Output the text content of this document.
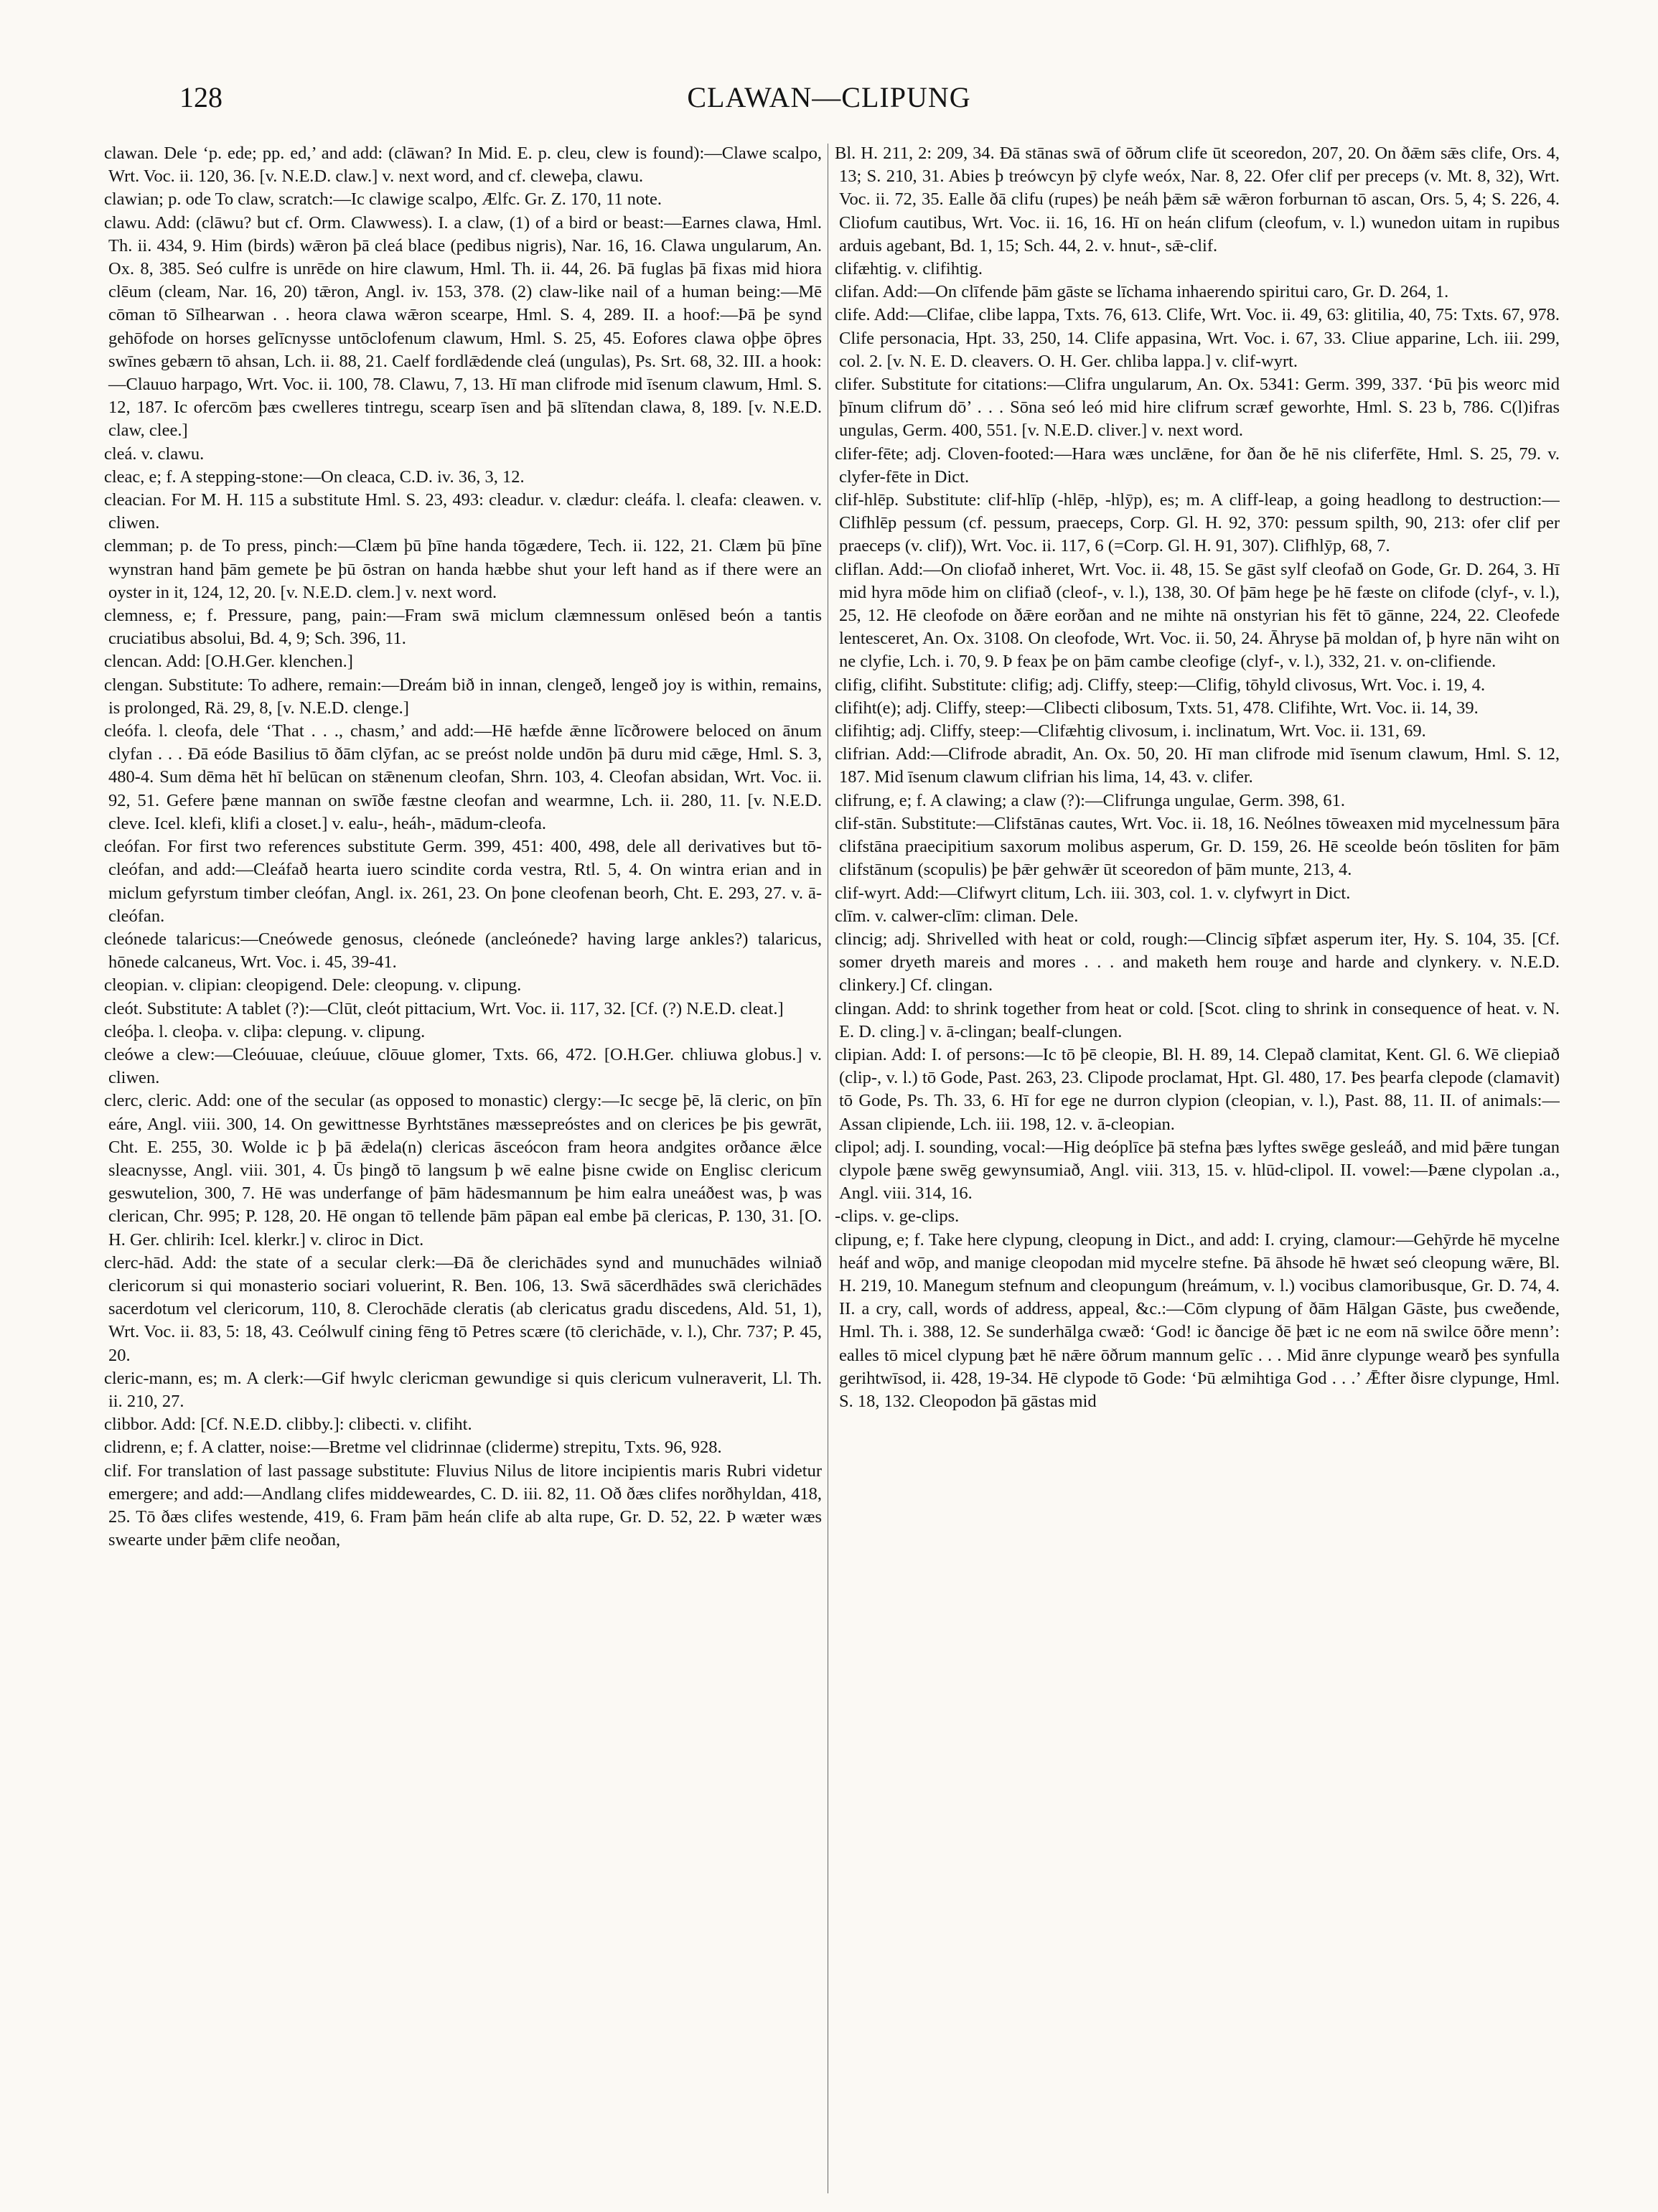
128	CLAWAN—CLIPUNG

clawan. Dele ‘p. ede; pp. ed,’ and add: (clāwan? In Mid. E. p. cleu, clew is found):—Clawe scalpo, Wrt. Voc. ii. 120, 36. [v. N.E.D. claw.] v. next word, and cf. cleweþa, clawu.

clawian; p. ode To claw, scratch:—Ic clawige scalpo, Ælfc. Gr. Z. 170, 11 note.

clawu. Add: (clāwu? but cf. Orm. Clawwess). I. a claw, (1) of a bird or beast:—Earnes clawa, Hml. Th. ii. 434, 9. Him (birds) wǣron þā cleá blace (pedibus nigris), Nar. 16, 16. Clawa ungularum, An. Ox. 8, 385. Seó culfre is unrēde on hire clawum, Hml. Th. ii. 44, 26. Þā fuglas þā fixas mid hiora clēum (cleam, Nar. 16, 20) tǣron, Angl. iv. 153, 378. (2) claw-like nail of a human being:—Mē cōman tō Sīlhearwan . . heora clawa wǣron scearpe, Hml. S. 4, 289. II. a hoof:—Þā þe synd gehōfode on horses gelīcnysse untōclofenum clawum, Hml. S. 25, 45. Eofores clawa oþþe ōþres swīnes gebærn tō ahsan, Lch. ii. 88, 21. Caelf fordlǣdende cleá (ungulas), Ps. Srt. 68, 32. III. a hook:—Clauuo harpago, Wrt. Voc. ii. 100, 78. Clawu, 7, 13. Hī man clifrode mid īsenum clawum, Hml. S. 12, 187. Ic ofercōm þæs cwelleres tintregu, scearp īsen and þā slītendan clawa, 8, 189. [v. N.E.D. claw, clee.]

cleá. v. clawu.

cleac, e; f. A stepping-stone:—On cleaca, C.D. iv. 36, 3, 12.

cleacian. For M. H. 115 a substitute Hml. S. 23, 493: cleadur. v. clædur: cleáfa. l. cleafa: cleawen. v. cliwen.

clemman; p. de To press, pinch:—Clæm þū þīne handa tōgædere, Tech. ii. 122, 21. Clæm þū þīne wynstran hand þām gemete þe þū ōstran on handa hæbbe shut your left hand as if there were an oyster in it, 124, 12, 20. [v. N.E.D. clem.] v. next word.

clemness, e; f. Pressure, pang, pain:—Fram swā miclum clæmnessum onlēsed beón a tantis cruciatibus absolui, Bd. 4, 9; Sch. 396, 11.

clencan. Add: [O.H.Ger. klenchen.]

clengan. Substitute: To adhere, remain:—Dreám bið in innan, clengeð, lengeð joy is within, remains, is prolonged, Rä. 29, 8, [v. N.E.D. clenge.]

cleófa. l. cleofa, dele ‘That . . ., chasm,’ and add:—Hē hæfde ǣnne līcðrowere beloced on ānum clyfan . . . Ðā eóde Basilius tō ðām clȳfan, ac se preóst nolde undōn þā duru mid cǣge, Hml. S. 3, 480-4. Sum dēma hēt hī belūcan on stǣnenum cleofan, Shrn. 103, 4. Cleofan absidan, Wrt. Voc. ii. 92, 51. Gefere þæne mannan on swīðe fæstne cleofan and wearmne, Lch. ii. 280, 11. [v. N.E.D. cleve. Icel. klefi, klifi a closet.] v. ealu-, heáh-, mādum-cleofa.

cleófan. For first two references substitute Germ. 399, 451: 400, 498, dele all derivatives but tō-cleófan, and add:—Cleáfað hearta iuero scindite corda vestra, Rtl. 5, 4. On wintra erian and in miclum gefyrstum timber cleófan, Angl. ix. 261, 23. On þone cleofenan beorh, Cht. E. 293, 27. v. ā-cleófan.

cleónede talaricus:—Cneówede genosus, cleónede (ancleónede? having large ankles?) talaricus, hōnede calcaneus, Wrt. Voc. i. 45, 39-41.

cleopian. v. clipian: cleopigend. Dele: cleopung. v. clipung.

cleót. Substitute: A tablet (?):—Clūt, cleót pittacium, Wrt. Voc. ii. 117, 32. [Cf. (?) N.E.D. cleat.]

cleóþa. l. cleoþa. v. cliþa: clepung. v. clipung.

cleówe a clew:—Cleóuuae, cleúuue, clōuue glomer, Txts. 66, 472. [O.H.Ger. chliuwa globus.] v. cliwen.

clerc, cleric. Add: one of the secular (as opposed to monastic) clergy:—Ic secge þē, lā cleric, on þīn eáre, Angl. viii. 300, 14. On gewittnesse Byrhtstānes mæssepreóstes and on clerices þe þis gewrāt, Cht. E. 255, 30. Wolde ic þ þā ǣdela(n) clericas āsceócon fram heora andgites orðance ǣlce sleacnysse, Angl. viii. 301, 4. Ūs þingð tō langsum þ wē ealne þisne cwide on Englisc clericum geswutelion, 300, 7. Hē was underfange of þām hādesmannum þe him ealra uneáðest was, þ was clerican, Chr. 995; P. 128, 20. Hē ongan tō tellende þām pāpan eal embe þā clericas, P. 130, 31. [O. H. Ger. chlirih: Icel. klerkr.] v. cliroc in Dict.

clerc-hād. Add: the state of a secular clerk:—Ðā ðe clerichādes synd and munuchādes wilniað clericorum si qui monasterio sociari voluerint, R. Ben. 106, 13. Swā sācerdhādes swā clerichādes sacerdotum vel clericorum, 110, 8. Clerochāde cleratis (ab clericatus gradu discedens, Ald. 51, 1), Wrt. Voc. ii. 83, 5: 18, 43. Ceólwulf cining fēng tō Petres scære (tō clerichāde, v. l.), Chr. 737; P. 45, 20.

cleric-mann, es; m. A clerk:—Gif hwylc clericman gewundige si quis clericum vulneraverit, Ll. Th. ii. 210, 27.

clibbor. Add: [Cf. N.E.D. clibby.]: clibecti. v. clifiht.

clidrenn, e; f. A clatter, noise:—Bretme vel clidrinnae (cliderme) strepitu, Txts. 96, 928.

clif. For translation of last passage substitute: Fluvius Nilus de litore incipientis maris Rubri videtur emergere; and add:—Andlang clifes middeweardes, C. D. iii. 82, 11. Oð ðæs clifes norðhyldan, 418, 25. Tō ðæs clifes westende, 419, 6. Fram þām heán clife ab alta rupe, Gr. D. 52, 22. Þ wæter wæs swearte under þǣm clife neoðan,

Bl. H. 211, 2: 209, 34. Ðā stānas swā of ōðrum clife ūt sceoredon, 207, 20. On ðǣm sǣs clife, Ors. 4, 13; S. 210, 31. Abies þ treówcyn þȳ clyfe weóx, Nar. 8, 22. Ofer clif per preceps (v. Mt. 8, 32), Wrt. Voc. ii. 72, 35. Ealle ðā clifu (rupes) þe neáh þǣm sǣ wǣron forburnan tō ascan, Ors. 5, 4; S. 226, 4. Cliofum cautibus, Wrt. Voc. ii. 16, 16. Hī on heán clifum (cleofum, v. l.) wunedon uitam in rupibus arduis agebant, Bd. 1, 15; Sch. 44, 2. v. hnut-, sǣ-clif.

clifæhtig. v. clifihtig.

clifan. Add:—On clīfende þām gāste se līchama inhaerendo spiritui caro, Gr. D. 264, 1.

clife. Add:—Clifae, clibe lappa, Txts. 76, 613. Clife, Wrt. Voc. ii. 49, 63: glitilia, 40, 75: Txts. 67, 978. Clife personacia, Hpt. 33, 250, 14. Clife appasina, Wrt. Voc. i. 67, 33. Cliue apparine, Lch. iii. 299, col. 2. [v. N. E. D. cleavers. O. H. Ger. chliba lappa.] v. clif-wyrt.

clifer. Substitute for citations:—Clifra ungularum, An. Ox. 5341: Germ. 399, 337. ‘Þū þis weorc mid þīnum clifrum dō’ . . . Sōna seó leó mid hire clifrum scræf geworhte, Hml. S. 23 b, 786. C(l)ifras ungulas, Germ. 400, 551. [v. N.E.D. cliver.] v. next word.

clifer-fēte; adj. Cloven-footed:—Hara wæs unclǣne, for ðan ðe hē nis cliferfēte, Hml. S. 25, 79. v. clyfer-fēte in Dict.

clif-hlēp. Substitute: clif-hlīp (-hlēp, -hlȳp), es; m. A cliff-leap, a going headlong to destruction:—Clifhlēp pessum (cf. pessum, praeceps, Corp. Gl. H. 92, 370: pessum spilth, 90, 213: ofer clif per praeceps (v. clif)), Wrt. Voc. ii. 117, 6 (=Corp. Gl. H. 91, 307). Clifhlȳp, 68, 7.

cliflan. Add:—On cliofað inheret, Wrt. Voc. ii. 48, 15. Se gāst sylf cleofað on Gode, Gr. D. 264, 3. Hī mid hyra mōde him on clifiað (cleof-, v. l.), 138, 30. Of þām hege þe hē fæste on clifode (clyf-, v. l.), 25, 12. Hē cleofode on ðǣre eorðan and ne mihte nā onstyrian his fēt tō gānne, 224, 22. Cleofede lentesceret, An. Ox. 3108. On cleofode, Wrt. Voc. ii. 50, 24. Āhryse þā moldan of, þ hyre nān wiht on ne clyfie, Lch. i. 70, 9. Þ feax þe on þām cambe cleofige (clyf-, v. l.), 332, 21. v. on-clifiende.

clifig, clifiht. Substitute: clifig; adj. Cliffy, steep:—Clifig, tōhyld clivosus, Wrt. Voc. i. 19, 4.

clifiht(e); adj. Cliffy, steep:—Clibecti clibosum, Txts. 51, 478. Clifihte, Wrt. Voc. ii. 14, 39.

clifihtig; adj. Cliffy, steep:—Clifæhtig clivosum, i. inclinatum, Wrt. Voc. ii. 131, 69.

clifrian. Add:—Clifrode abradit, An. Ox. 50, 20. Hī man clifrode mid īsenum clawum, Hml. S. 12, 187. Mid īsenum clawum clifrian his lima, 14, 43. v. clifer.

clifrung, e; f. A clawing; a claw (?):—Clifrunga ungulae, Germ. 398, 61.

clif-stān. Substitute:—Clifstānas cautes, Wrt. Voc. ii. 18, 16. Neólnes tōweaxen mid mycelnessum þāra clifstāna praecipitium saxorum molibus asperum, Gr. D. 159, 26. Hē sceolde beón tōsliten for þām clifstānum (scopulis) þe þǣr gehwǣr ūt sceoredon of þām munte, 213, 4.

clif-wyrt. Add:—Clifwyrt clitum, Lch. iii. 303, col. 1. v. clyfwyrt in Dict.

clīm. v. calwer-clīm: climan. Dele.

clincig; adj. Shrivelled with heat or cold, rough:—Clincig sīþfæt asperum iter, Hy. S. 104, 35. [Cf. somer dryeth mareis and mores . . . and maketh hem rouȝe and harde and clynkery. v. N.E.D. clinkery.] Cf. clingan.

clingan. Add: to shrink together from heat or cold. [Scot. cling to shrink in consequence of heat. v. N. E. D. cling.] v. ā-clingan; bealf-clungen.

clipian. Add: I. of persons:—Ic tō þē cleopie, Bl. H. 89, 14. Clepað clamitat, Kent. Gl. 6. Wē cliepiað (clip-, v. l.) tō Gode, Past. 263, 23. Clipode proclamat, Hpt. Gl. 480, 17. Þes þearfa clepode (clamavit) tō Gode, Ps. Th. 33, 6. Hī for ege ne durron clypion (cleopian, v. l.), Past. 88, 11. II. of animals:—Assan clipiende, Lch. iii. 198, 12. v. ā-cleopian.

clipol; adj. I. sounding, vocal:—Hig deóplīce þā stefna þæs lyftes swēge gesleáð, and mid þǣre tungan clypole þæne swēg gewynsumiað, Angl. viii. 313, 15. v. hlūd-clipol. II. vowel:—Þæne clypolan .a., Angl. viii. 314, 16.

-clips. v. ge-clips.

clipung, e; f. Take here clypung, cleopung in Dict., and add: I. crying, clamour:—Gehȳrde hē mycelne heáf and wōp, and manige cleopodan mid mycelre stefne. Þā āhsode hē hwæt seó cleopung wǣre, Bl. H. 219, 10. Manegum stefnum and cleopungum (hreámum, v. l.) vocibus clamoribusque, Gr. D. 74, 4. II. a cry, call, words of address, appeal, &c.:—Cōm clypung of ðām Hālgan Gāste, þus cweðende, Hml. Th. i. 388, 12. Se sunderhālga cwæð: ‘God! ic ðancige ðē þæt ic ne eom nā swilce ōðre menn’: ealles tō micel clypung þæt hē nǣre ōðrum mannum gelīc . . . Mid ānre clypunge wearð þes synfulla gerihtwīsod, ii. 428, 19-34. Hē clypode tō Gode: ‘Þū ælmihtiga God . . .’ Ǣfter ðisre clypunge, Hml. S. 18, 132. Cleopodon þā gāstas mid
